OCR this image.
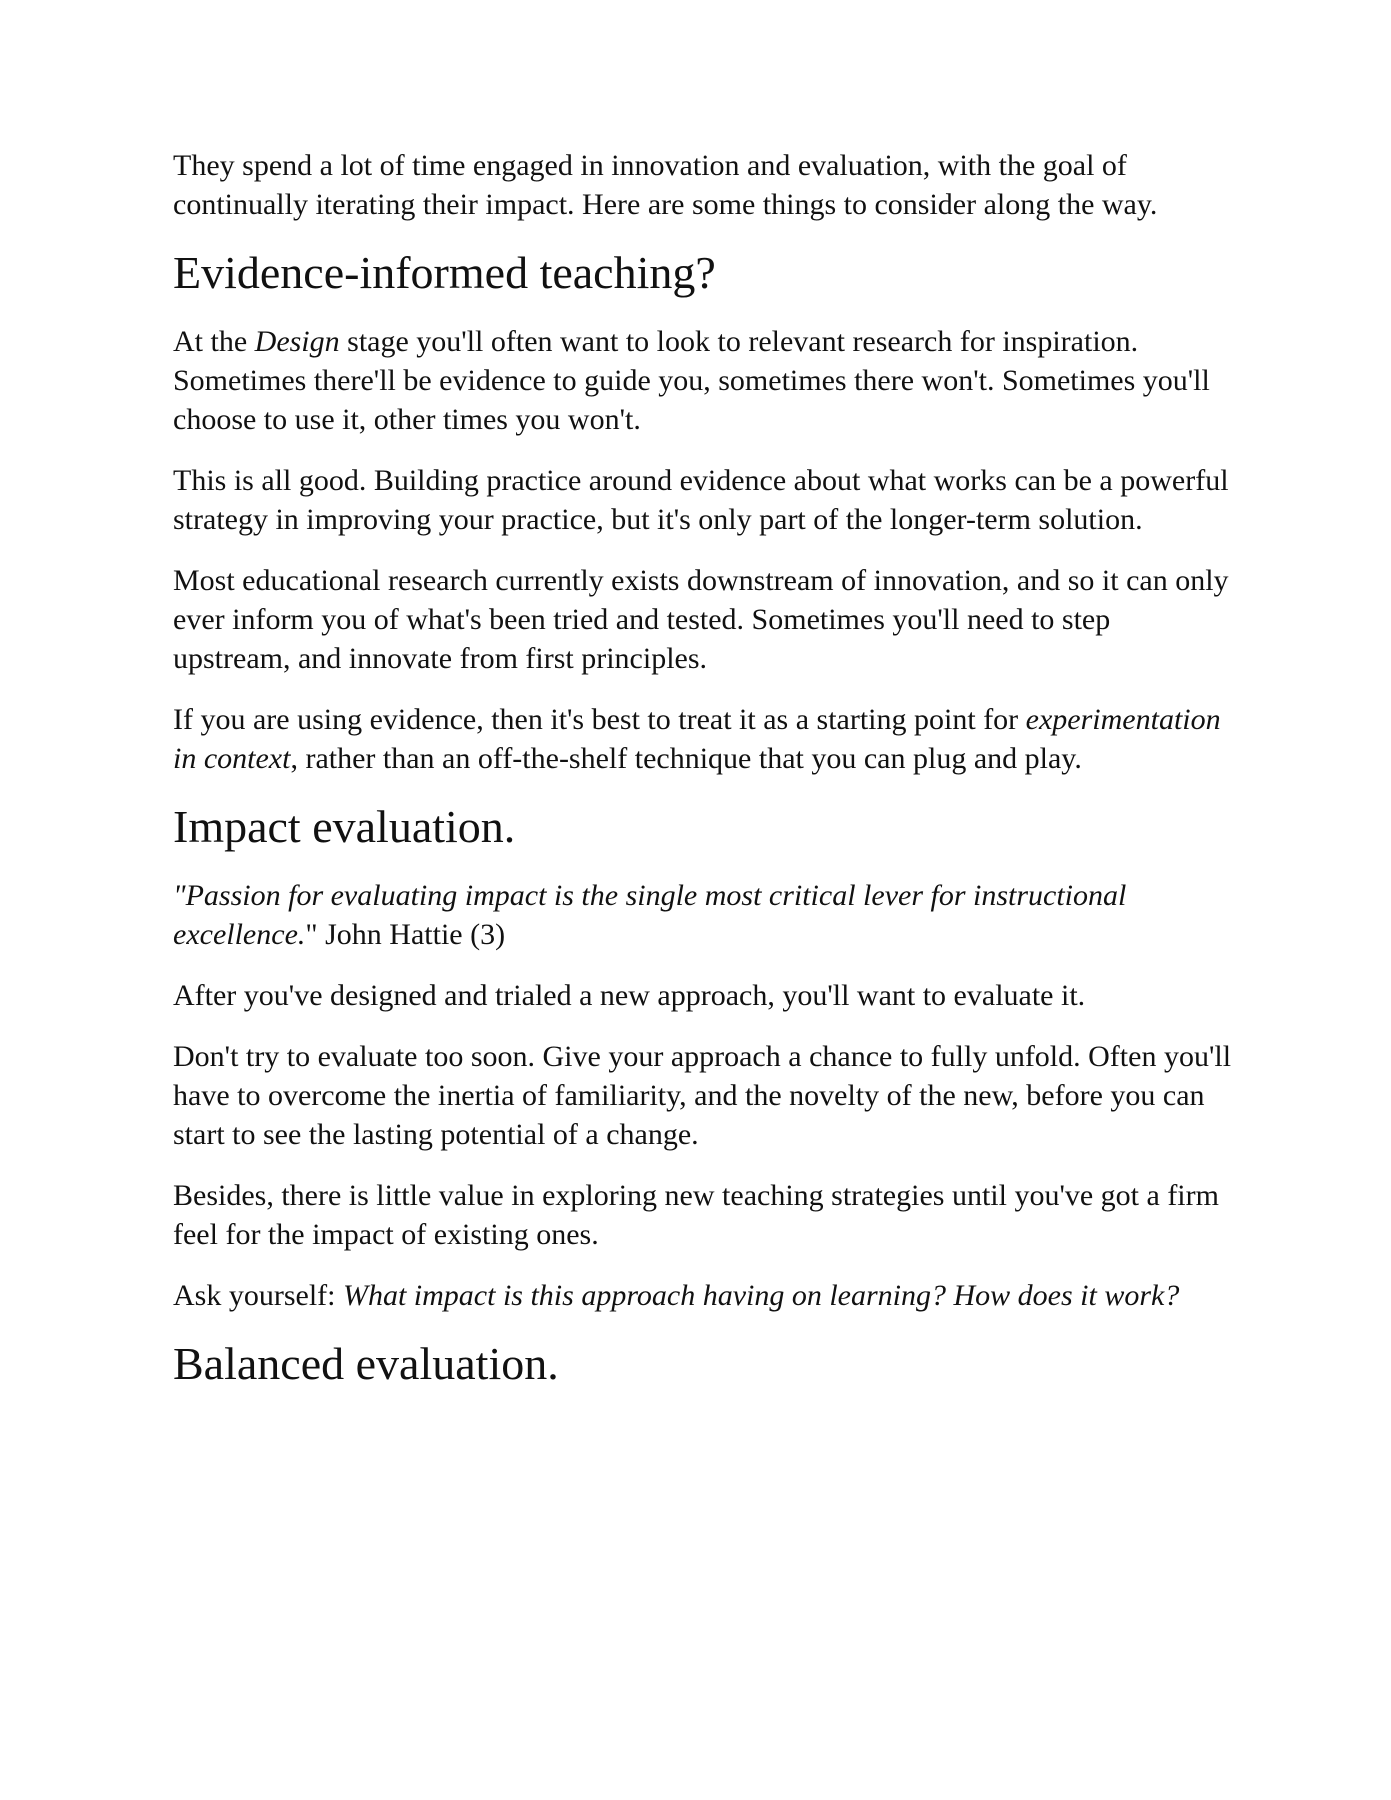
They spend a lot of time engaged in innovation and evaluation, with the goal of continually iterating their impact. Here are some things to consider along the way.

Evidence-informed teaching?

At the Design stage you'll often want to look to relevant research for inspiration. Sometimes there'll be evidence to guide you, sometimes there won't. Sometimes you'll choose to use it, other times you won't.

This is all good. Building practice around evidence about what works can be a powerful strategy in improving your practice, but it's only part of the longer-term solution.

Most educational research currently exists downstream of innovation, and so it can only ever inform you of what's been tried and tested. Sometimes you'll need to step upstream, and innovate from first principles.

If you are using evidence, then it's best to treat it as a starting point for experimentation in context, rather than an off-the-shelf technique that you can plug and play.

Impact evaluation.

"Passion for evaluating impact is the single most critical lever for instructional excellence." John Hattie (3)

After you've designed and trialed a new approach, you'll want to evaluate it.

Don't try to evaluate too soon. Give your approach a chance to fully unfold. Often you'll have to overcome the inertia of familiarity, and the novelty of the new, before you can start to see the lasting potential of a change.

Besides, there is little value in exploring new teaching strategies until you've got a firm feel for the impact of existing ones.

Ask yourself: What impact is this approach having on learning? How does it work?

Balanced evaluation.
